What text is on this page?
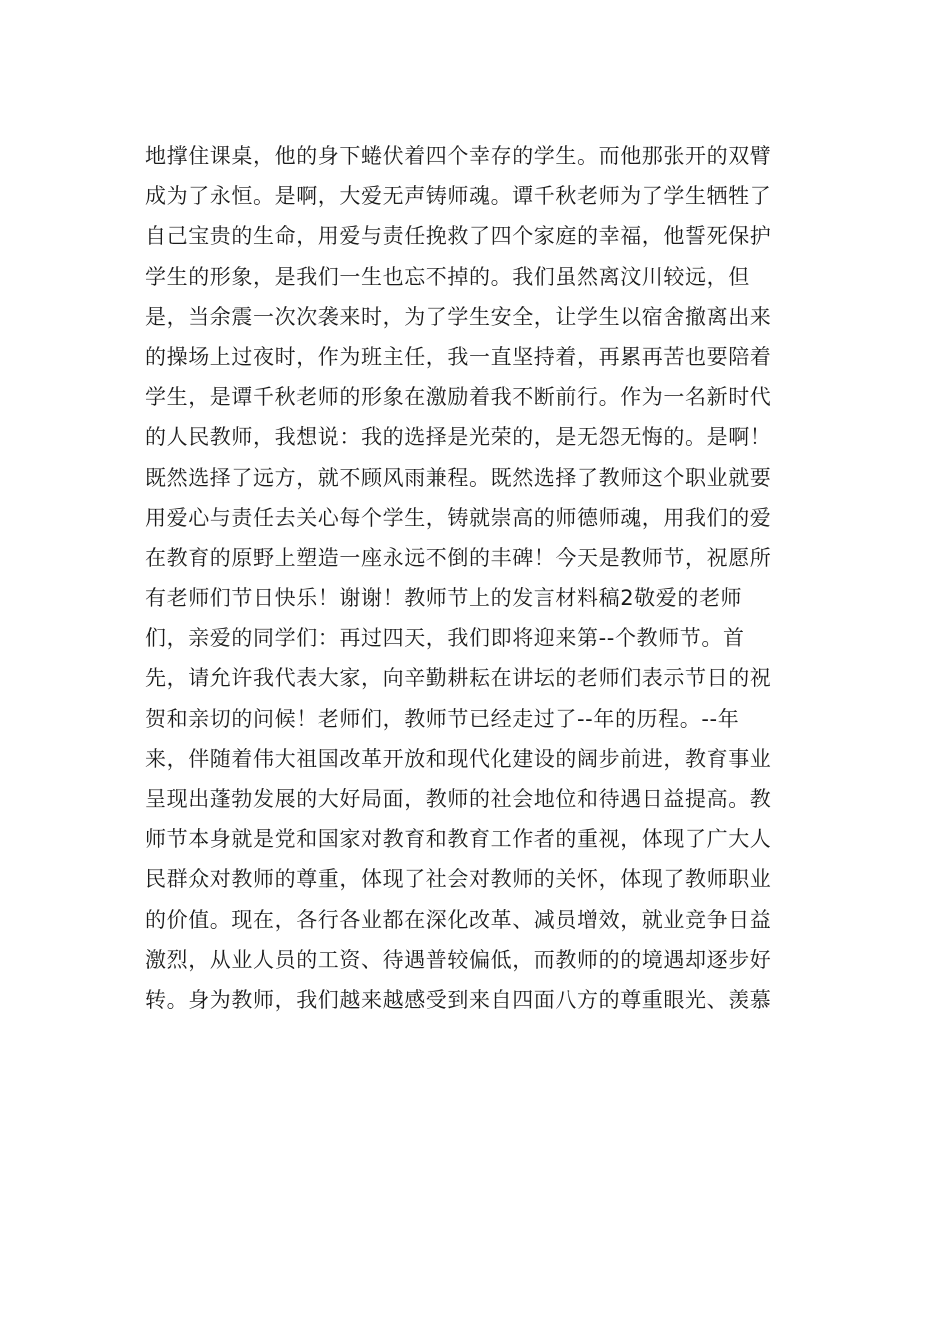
地撑住课桌，他的身下蜷伏着四个幸存的学生。而他那张开的双臂
成为了永恒。是啊，大爱无声铸师魂。谭千秋老师为了学生牺牲了
自己宝贵的生命，用爱与责任挽救了四个家庭的幸福，他誓死保护
学生的形象，是我们一生也忘不掉的。我们虽然离汶川较远，但
是，当余震一次次袭来时，为了学生安全，让学生以宿舍撤离出来
的操场上过夜时，作为班主任，我一直坚持着，再累再苦也要陪着
学生，是谭千秋老师的形象在激励着我不断前行。作为一名新时代
的人民教师，我想说：我的选择是光荣的，是无怨无悔的。是啊！
既然选择了远方，就不顾风雨兼程。既然选择了教师这个职业就要
用爱心与责任去关心每个学生，铸就崇高的师德师魂，用我们的爱
在教育的原野上塑造一座永远不倒的丰碑！今天是教师节，祝愿所
有老师们节日快乐！谢谢！教师节上的发言材料稿2敬爱的老师
们，亲爱的同学们：再过四天，我们即将迎来第--个教师节。首
先，请允许我代表大家，向辛勤耕耘在讲坛的老师们表示节日的祝
贺和亲切的问候！老师们，教师节已经走过了--年的历程。--年
来，伴随着伟大祖国改革开放和现代化建设的阔步前进，教育事业
呈现出蓬勃发展的大好局面，教师的社会地位和待遇日益提高。教
师节本身就是党和国家对教育和教育工作者的重视，体现了广大人
民群众对教师的尊重，体现了社会对教师的关怀，体现了教师职业
的价值。现在，各行各业都在深化改革、减员增效，就业竞争日益
激烈，从业人员的工资、待遇普较偏低，而教师的的境遇却逐步好
转。身为教师，我们越来越感受到来自四面八方的尊重眼光、羡慕
